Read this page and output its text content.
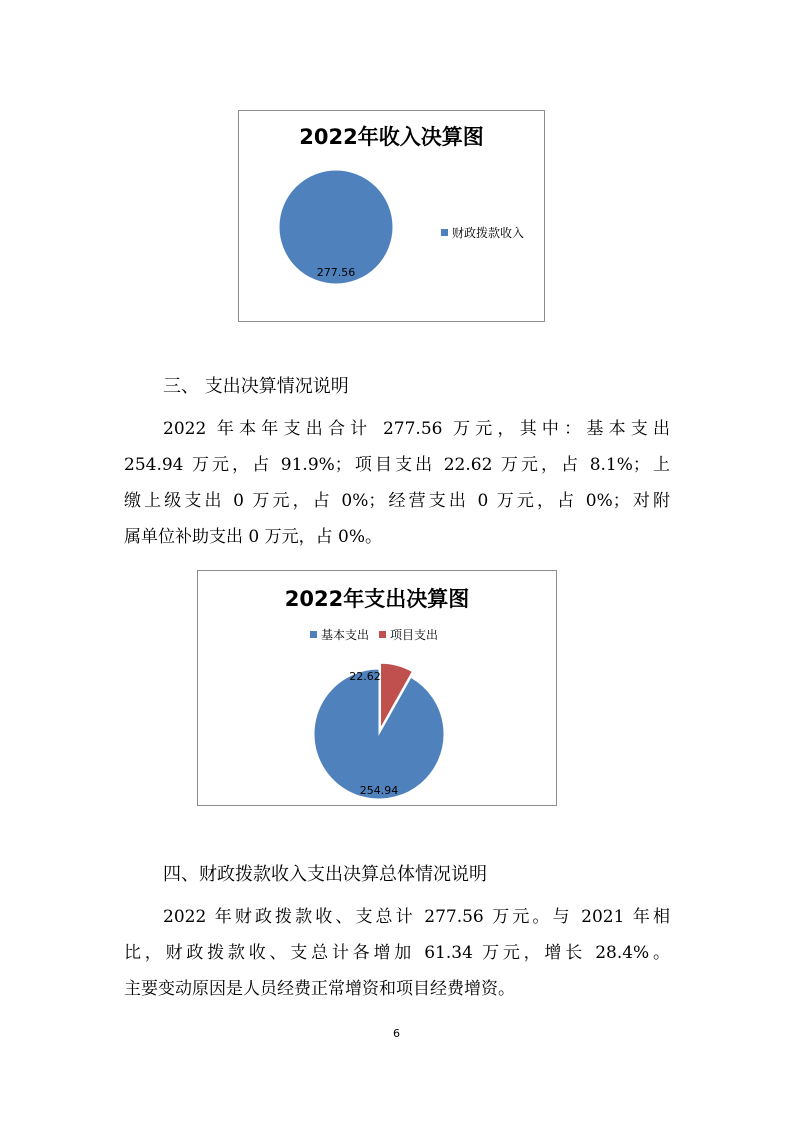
2022年收入决算图
277.56
财政拨款收入
三、 支出决算情况说明
2022 年本年支出合计 277.56 万元，其中：基本支出
254.94 万元，占 91.9%；项目支出 22.62 万元，占 8.1%；上
缴上级支出 0 万元，占 0%；经营支出 0 万元，占 0%；对附
属单位补助支出 0 万元，占 0%。
2022年支出决算图
基本支出 项目支出
254.94
22.62
四、财政拨款收入支出决算总体情况说明
2022 年财政拨款收、支总计 277.56 万元。与 2021 年相
比，财政拨款收、支总计各增加 61.34 万元，增长 28.4%。
主要变动原因是人员经费正常增资和项目经费增资。
6
